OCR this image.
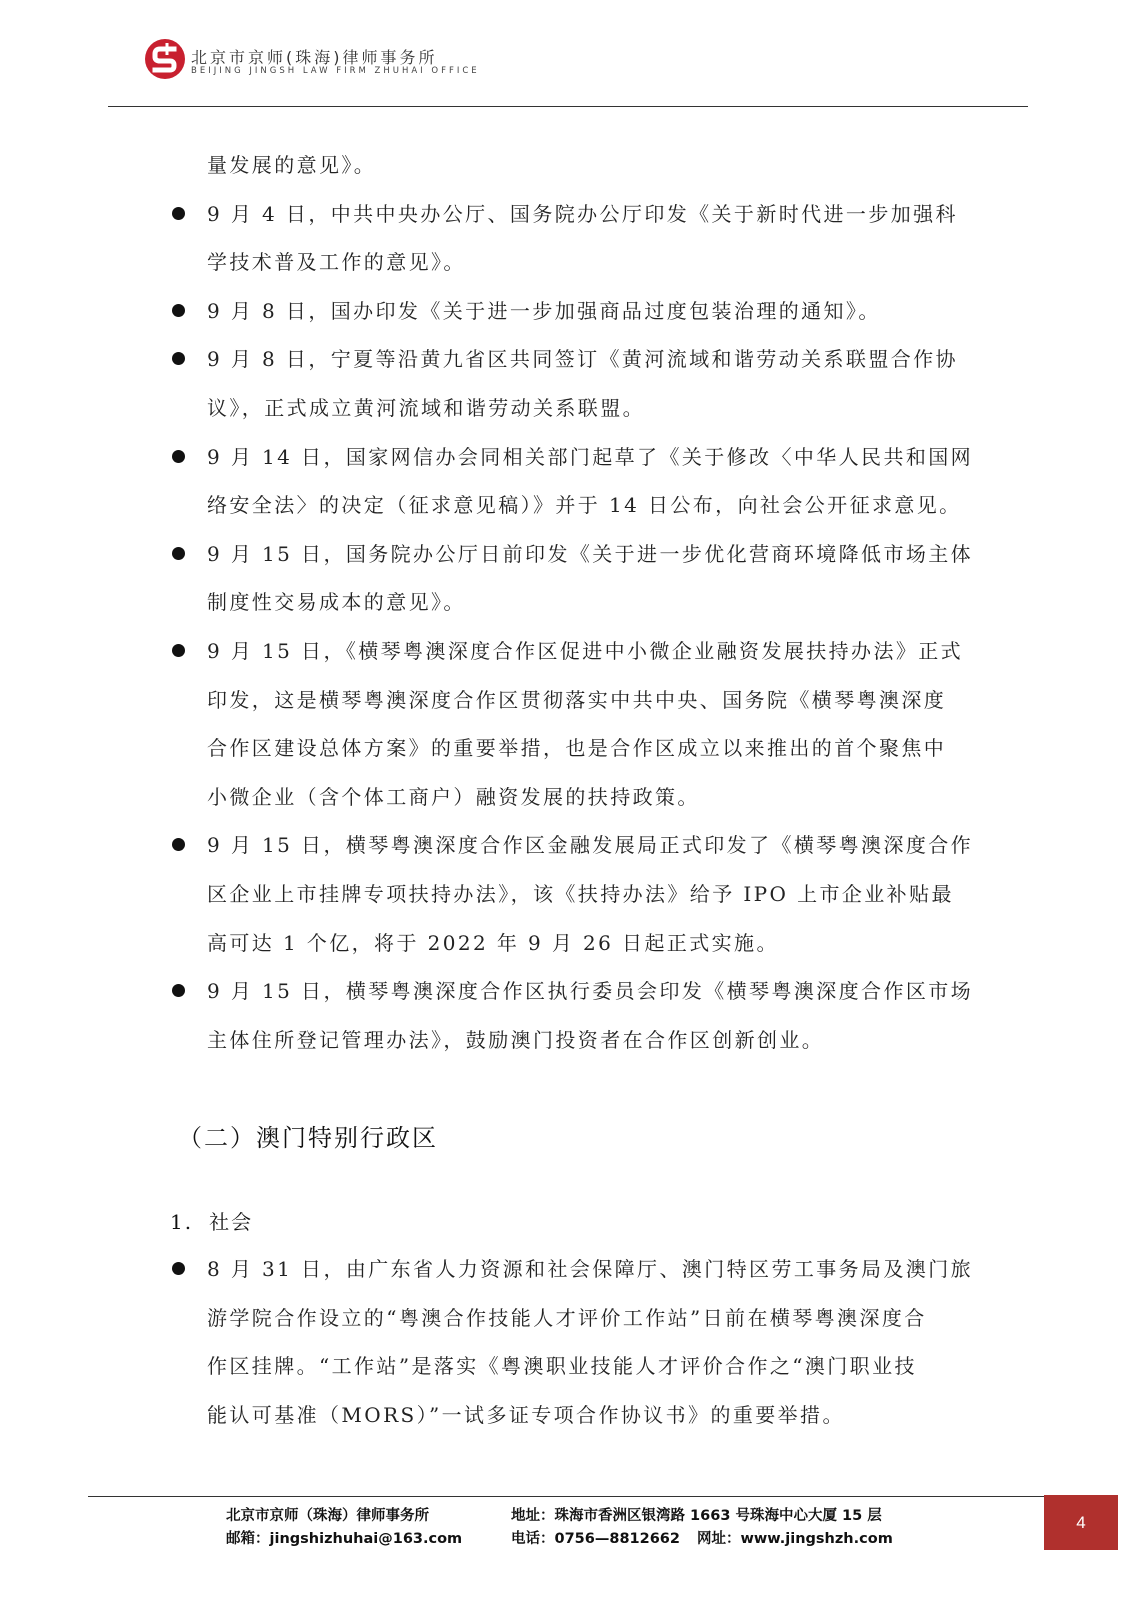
北京市京师(珠海)律师事务所
BEIJING JINGSH LAW FIRM ZHUHAI OFFICE
量发展的意见》。
9 月 4 日，中共中央办公厅、国务院办公厅印发《关于新时代进一步加强科
学技术普及工作的意见》。
9 月 8 日，国办印发《关于进一步加强商品过度包装治理的通知》。
9 月 8 日，宁夏等沿黄九省区共同签订《黄河流域和谐劳动关系联盟合作协
议》，正式成立黄河流域和谐劳动关系联盟。
9 月 14 日，国家网信办会同相关部门起草了《关于修改〈中华人民共和国网
络安全法〉的决定（征求意见稿）》并于 14 日公布，向社会公开征求意见。
9 月 15 日，国务院办公厅日前印发《关于进一步优化营商环境降低市场主体
制度性交易成本的意见》。
9 月 15 日，《横琴粤澳深度合作区促进中小微企业融资发展扶持办法》正式
印发，这是横琴粤澳深度合作区贯彻落实中共中央、国务院《横琴粤澳深度
合作区建设总体方案》的重要举措，也是合作区成立以来推出的首个聚焦中
小微企业（含个体工商户）融资发展的扶持政策。
9 月 15 日，横琴粤澳深度合作区金融发展局正式印发了《横琴粤澳深度合作
区企业上市挂牌专项扶持办法》，该《扶持办法》给予 IPO 上市企业补贴最
高可达 1 个亿，将于 2022 年 9 月 26 日起正式实施。
9 月 15 日，横琴粤澳深度合作区执行委员会印发《横琴粤澳深度合作区市场
主体住所登记管理办法》，鼓励澳门投资者在合作区创新创业。
8 月 31 日，由广东省人力资源和社会保障厅、澳门特区劳工事务局及澳门旅
游学院合作设立的“粤澳合作技能人才评价工作站”日前在横琴粤澳深度合
作区挂牌。“工作站”是落实《粤澳职业技能人才评价合作之“澳门职业技
能认可基准（MORS）”一试多证专项合作协议书》的重要举措。
（二）澳门特别行政区
1. 社会
北京市京师（珠海）律师事务所
邮箱：jingshizhuhai@163.com
地址：珠海市香洲区银湾路 1663 号珠海中心大厦 15 层
电话：0756—8812662 网址：www.jingshzh.com
4
